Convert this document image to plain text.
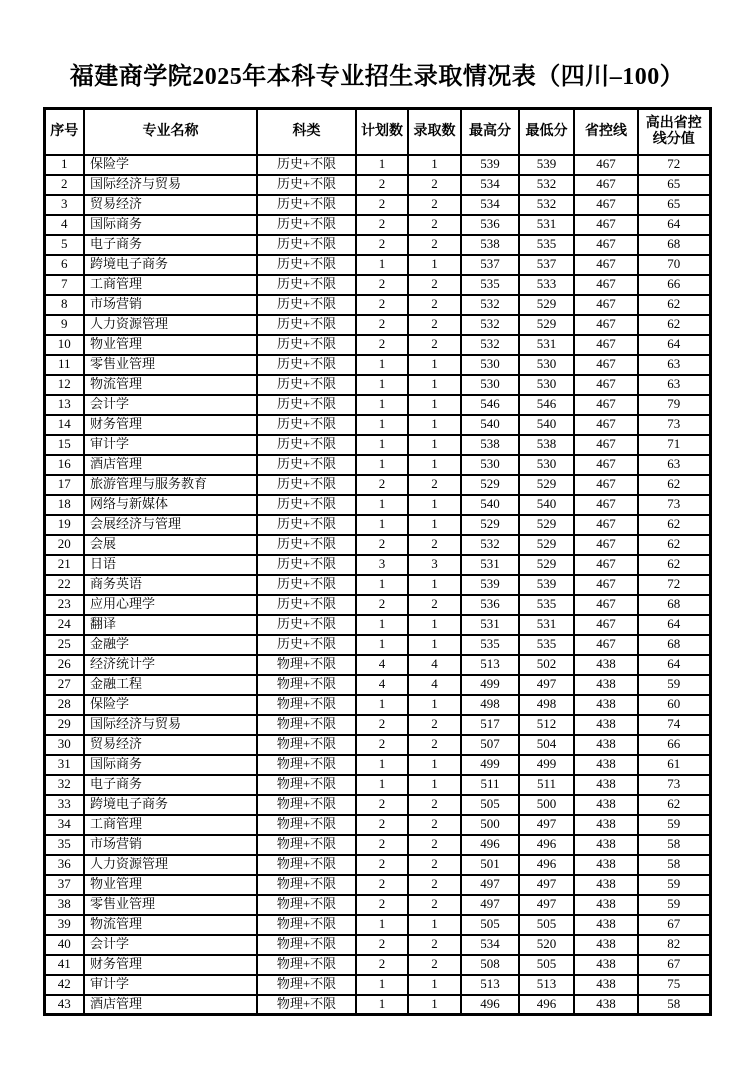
福建商学院2025年本科专业招生录取情况表（四川–100）
序号	专业名称	科类	计划数	录取数	最高分	最低分	省控线	高出省控线分值
1	保险学	历史+不限	1	1	539	539	467	72
2	国际经济与贸易	历史+不限	2	2	534	532	467	65
3	贸易经济	历史+不限	2	2	534	532	467	65
4	国际商务	历史+不限	2	2	536	531	467	64
5	电子商务	历史+不限	2	2	538	535	467	68
6	跨境电子商务	历史+不限	1	1	537	537	467	70
7	工商管理	历史+不限	2	2	535	533	467	66
8	市场营销	历史+不限	2	2	532	529	467	62
9	人力资源管理	历史+不限	2	2	532	529	467	62
10	物业管理	历史+不限	2	2	532	531	467	64
11	零售业管理	历史+不限	1	1	530	530	467	63
12	物流管理	历史+不限	1	1	530	530	467	63
13	会计学	历史+不限	1	1	546	546	467	79
14	财务管理	历史+不限	1	1	540	540	467	73
15	审计学	历史+不限	1	1	538	538	467	71
16	酒店管理	历史+不限	1	1	530	530	467	63
17	旅游管理与服务教育	历史+不限	2	2	529	529	467	62
18	网络与新媒体	历史+不限	1	1	540	540	467	73
19	会展经济与管理	历史+不限	1	1	529	529	467	62
20	会展	历史+不限	2	2	532	529	467	62
21	日语	历史+不限	3	3	531	529	467	62
22	商务英语	历史+不限	1	1	539	539	467	72
23	应用心理学	历史+不限	2	2	536	535	467	68
24	翻译	历史+不限	1	1	531	531	467	64
25	金融学	历史+不限	1	1	535	535	467	68
26	经济统计学	物理+不限	4	4	513	502	438	64
27	金融工程	物理+不限	4	4	499	497	438	59
28	保险学	物理+不限	1	1	498	498	438	60
29	国际经济与贸易	物理+不限	2	2	517	512	438	74
30	贸易经济	物理+不限	2	2	507	504	438	66
31	国际商务	物理+不限	1	1	499	499	438	61
32	电子商务	物理+不限	1	1	511	511	438	73
33	跨境电子商务	物理+不限	2	2	505	500	438	62
34	工商管理	物理+不限	2	2	500	497	438	59
35	市场营销	物理+不限	2	2	496	496	438	58
36	人力资源管理	物理+不限	2	2	501	496	438	58
37	物业管理	物理+不限	2	2	497	497	438	59
38	零售业管理	物理+不限	2	2	497	497	438	59
39	物流管理	物理+不限	1	1	505	505	438	67
40	会计学	物理+不限	2	2	534	520	438	82
41	财务管理	物理+不限	2	2	508	505	438	67
42	审计学	物理+不限	1	1	513	513	438	75
43	酒店管理	物理+不限	1	1	496	496	438	58
